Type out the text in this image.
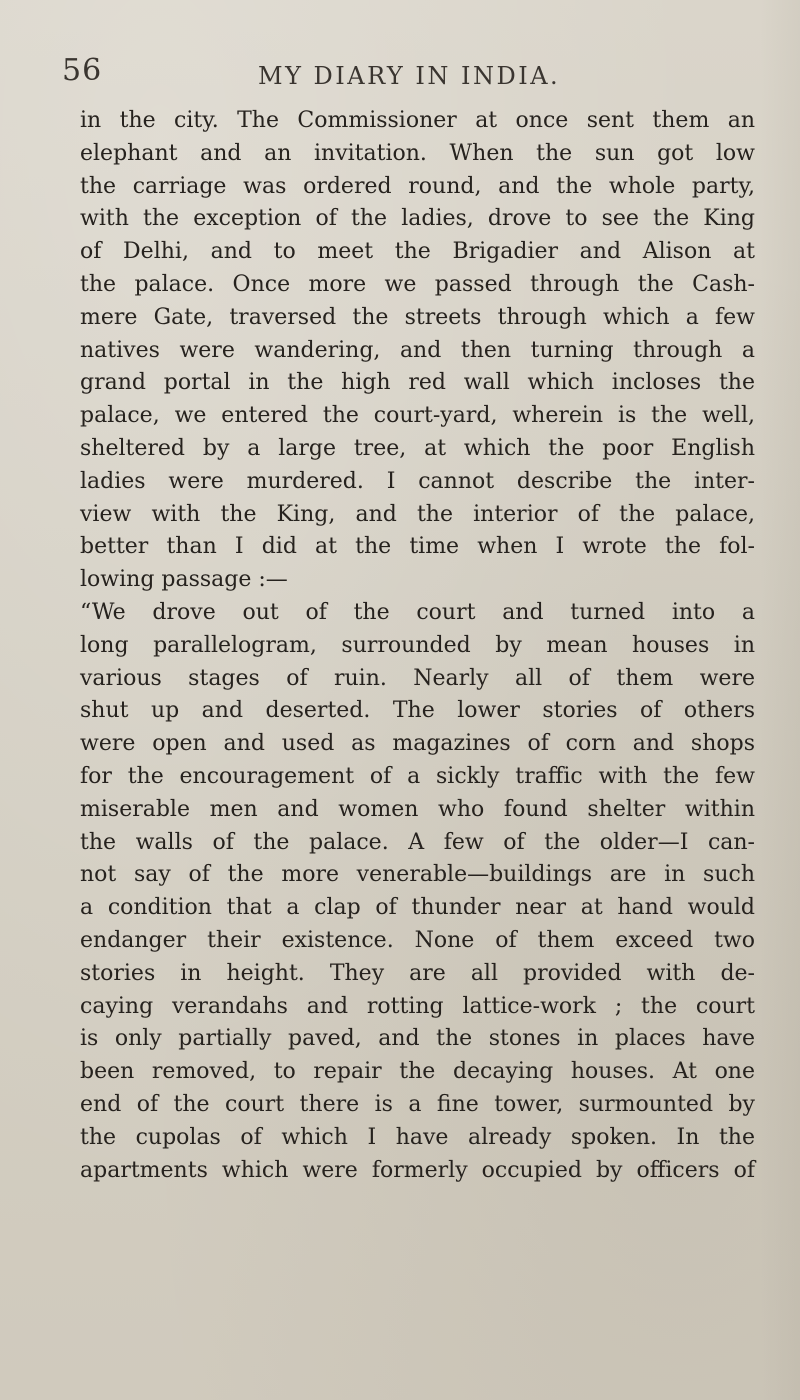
56	MY DIARY IN INDIA.
in the city. The Commissioner at once sent them an
elephant and an invitation. When the sun got low
the carriage was ordered round, and the whole party,
with the exception of the ladies, drove to see the King
of Delhi, and to meet the Brigadier and Alison at
the palace. Once more we passed through the Cash-
mere Gate, traversed the streets through which a few
natives were wandering, and then turning through a
grand portal in the high red wall which incloses the
palace, we entered the court-yard, wherein is the well,
sheltered by a large tree, at which the poor English
ladies were murdered. I cannot describe the inter-
view with the King, and the interior of the palace,
better than I did at the time when I wrote the fol-
lowing passage :—
“We drove out of the court and turned into a
long parallelogram, surrounded by mean houses in
various stages of ruin. Nearly all of them were
shut up and deserted. The lower stories of others
were open and used as magazines of corn and shops
for the encouragement of a sickly traffic with the few
miserable men and women who found shelter within
the walls of the palace. A few of the older—I can-
not say of the more venerable—buildings are in such
a condition that a clap of thunder near at hand would
endanger their existence. None of them exceed two
stories in height. They are all provided with de-
caying verandahs and rotting lattice-work ; the court
is only partially paved, and the stones in places have
been removed, to repair the decaying houses. At one
end of the court there is a fine tower, surmounted by
the cupolas of which I have already spoken. In the
apartments which were formerly occupied by officers of
